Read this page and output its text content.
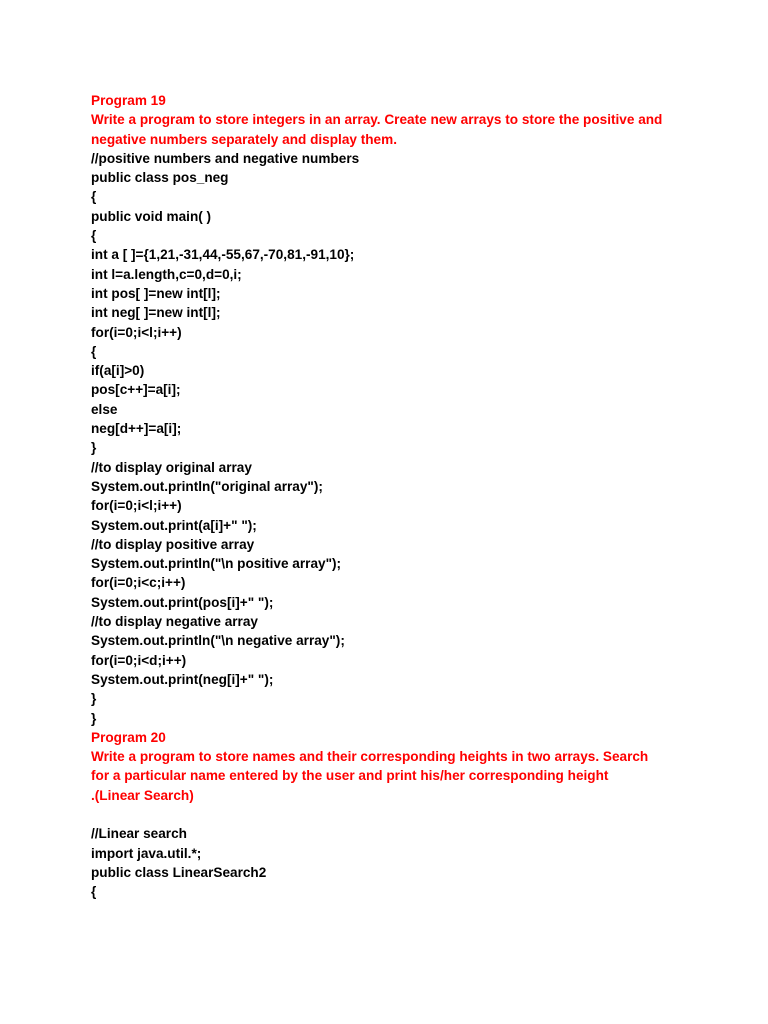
Program 19
Write a program to store integers in an array. Create new arrays to store the positive and
negative numbers separately and display them.
//positive numbers and negative numbers
public class pos_neg
{
public void main( )
{
int a [ ]={1,21,-31,44,-55,67,-70,81,-91,10};
int l=a.length,c=0,d=0,i;
int pos[ ]=new int[l];
int neg[ ]=new int[l];
for(i=0;i<l;i++)
{
if(a[i]>0)
pos[c++]=a[i];
else
neg[d++]=a[i];
}
//to display original array
System.out.println("original array");
for(i=0;i<l;i++)
System.out.print(a[i]+" ");
//to display positive array
System.out.println("\n positive array");
for(i=0;i<c;i++)
System.out.print(pos[i]+" ");
//to display negative array
System.out.println("\n negative array");
for(i=0;i<d;i++)
System.out.print(neg[i]+" ");
}
}
Program 20
Write a program to store names and their corresponding heights in two arrays. Search
for a particular name entered by the user and print his/her corresponding height
.(Linear Search)
//Linear search
import java.util.*;
public class LinearSearch2
{
